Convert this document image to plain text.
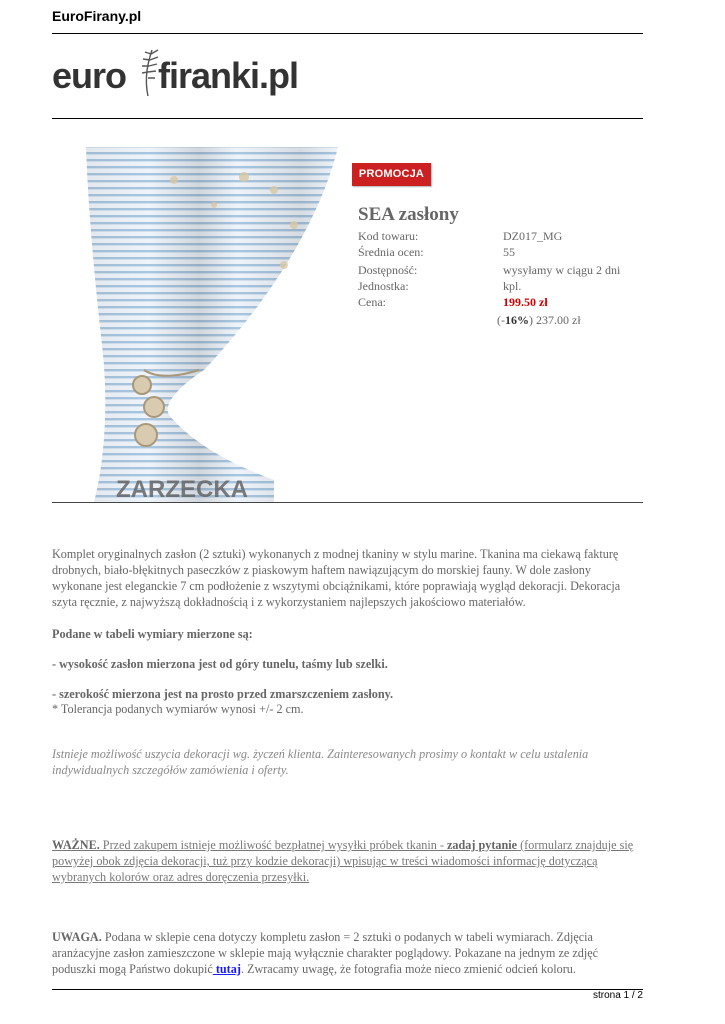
EuroFirany.pl
euro firanki.pl
ZARZECKA
PROMOCJA
SEA zasłony
Kod towaru:	DZ017_MG
Średnia ocen:	55
Dostępność:	wysyłamy w ciągu 2 dni
Jednostka:	kpl.
Cena:	199.50 zł
(-16%) 237.00 zł
Komplet oryginalnych zasłon (2 sztuki) wykonanych z modnej tkaniny w stylu marine. Tkanina ma ciekawą fakturę drobnych, biało-błękitnych paseczków z piaskowym haftem nawiązującym do morskiej fauny. W dole zasłony wykonane jest eleganckie 7 cm podłożenie z wszytymi obciążnikami, które poprawiają wygląd dekoracji. Dekoracja szyta ręcznie, z najwyższą dokładnością i z wykorzystaniem najlepszych jakościowo materiałów.
Podane w tabeli wymiary mierzone są:
- wysokość zasłon mierzona jest od góry tunelu, taśmy lub szelki.
- szerokość mierzona jest na prosto przed zmarszczeniem zasłony.
* Tolerancja podanych wymiarów wynosi +/- 2 cm.
Istnieje możliwość uszycia dekoracji wg. życzeń klienta. Zainteresowanych prosimy o kontakt w celu ustalenia indywidualnych szczegółów zamówienia i oferty.
WAŻNE. Przed zakupem istnieje możliwość bezpłatnej wysyłki próbek tkanin - zadaj pytanie (formularz znajduje się powyżej obok zdjęcia dekoracji, tuż przy kodzie dekoracji) wpisując w treści wiadomości informację dotyczącą wybranych kolorów oraz adres doręczenia przesyłki.
UWAGA. Podana w sklepie cena dotyczy kompletu zasłon = 2 sztuki o podanych w tabeli wymiarach. Zdjęcia aranżacyjne zasłon zamieszczone w sklepie mają wyłącznie charakter poglądowy. Pokazane na jednym ze zdjęć poduszki mogą Państwo dokupić tutaj. Zwracamy uwagę, że fotografia może nieco zmienić odcień koloru.
strona 1 / 2
